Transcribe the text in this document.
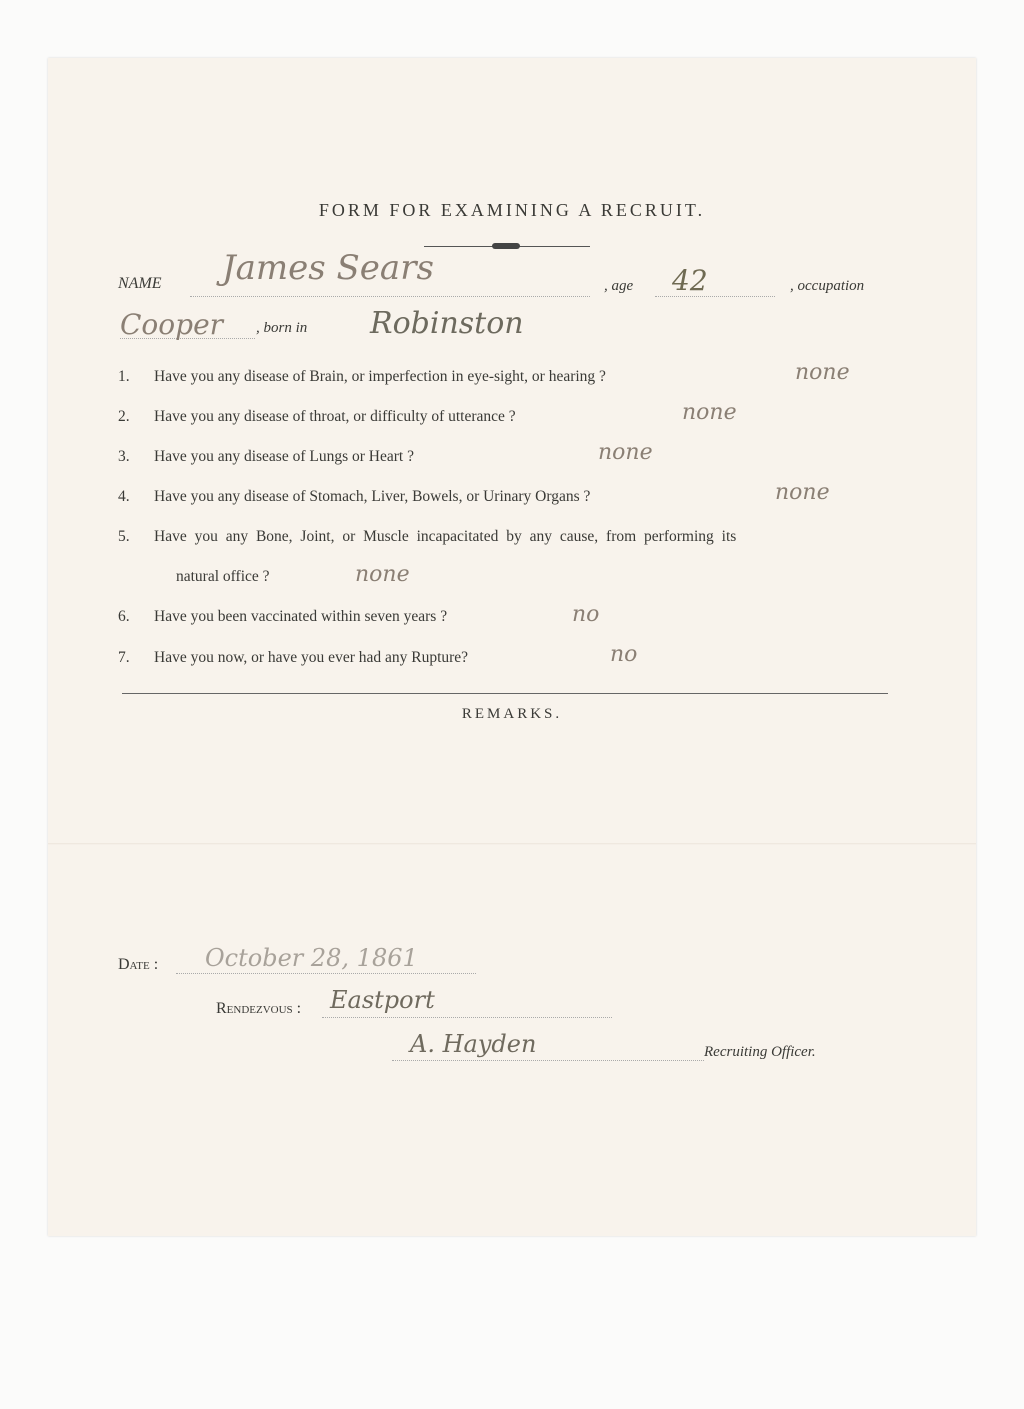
FORM FOR EXAMINING A RECRUIT.
NAME James Sears	, age 42	, occupation
Cooper , born in Robinston
1. Have you any disease of Brain, or imperfection in eye-sight, or hearing ?	none
2. Have you any disease of throat, or difficulty of utterance ?	none
3. Have you any disease of Lungs or Heart ?	none
4. Have you any disease of Stomach, Liver, Bowels, or Urinary Organs ?	none
5. Have you any Bone, Joint, or Muscle incapacitated by any cause, from performing its
natural office ?	none
6. Have you been vaccinated within seven years ?	no
7. Have you now, or have you ever had any Rupture?	no
REMARKS.
Date : October 28, 1861
Rendezvous : Eastport
A. Hayden	Recruiting Officer.
